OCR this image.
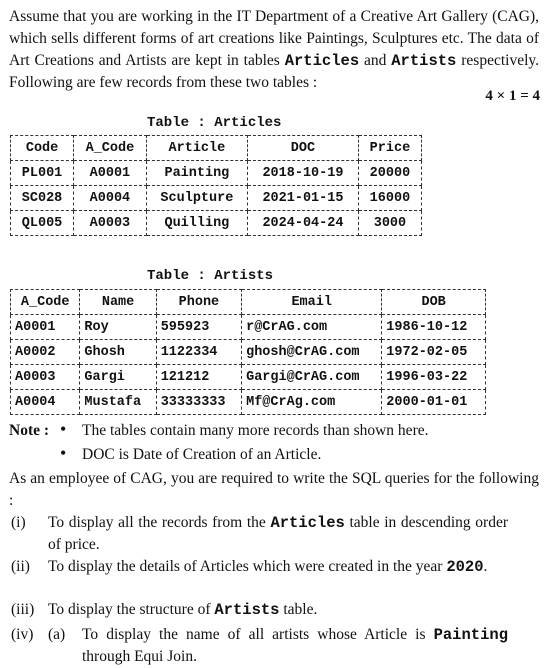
Assume that you are working in the IT Department of a Creative Art Gallery (CAG), which sells different forms of art creations like Paintings, Sculptures etc. The data of Art Creations and Artists are kept in tables Articles and Artists respectively. Following are few records from these two tables :
4 × 1 = 4
Table : Articles
Code	A_Code	Article	DOC	Price
PL001	A0001	Painting	2018-10-19	20000
SC028	A0004	Sculpture	2021-01-15	16000
QL005	A0003	Quilling	2024-04-24	3000
Table : Artists
A_Code	Name	Phone	Email	DOB
A0001	Roy	595923	r@CrAG.com	1986-10-12
A0002	Ghosh	1122334	ghosh@CrAG.com	1972-02-05
A0003	Gargi	121212	Gargi@CrAG.com	1996-03-22
A0004	Mustafa	33333333	Mf@CrAg.com	2000-01-01
Note : • The tables contain many more records than shown here.
• DOC is Date of Creation of an Article.
As an employee of CAG, you are required to write the SQL queries for the following :
(i) To display all the records from the Articles table in descending order of price.
(ii) To display the details of Articles which were created in the year 2020.
(iii) To display the structure of Artists table.
(iv) (a) To display the name of all artists whose Article is Painting through Equi Join.
